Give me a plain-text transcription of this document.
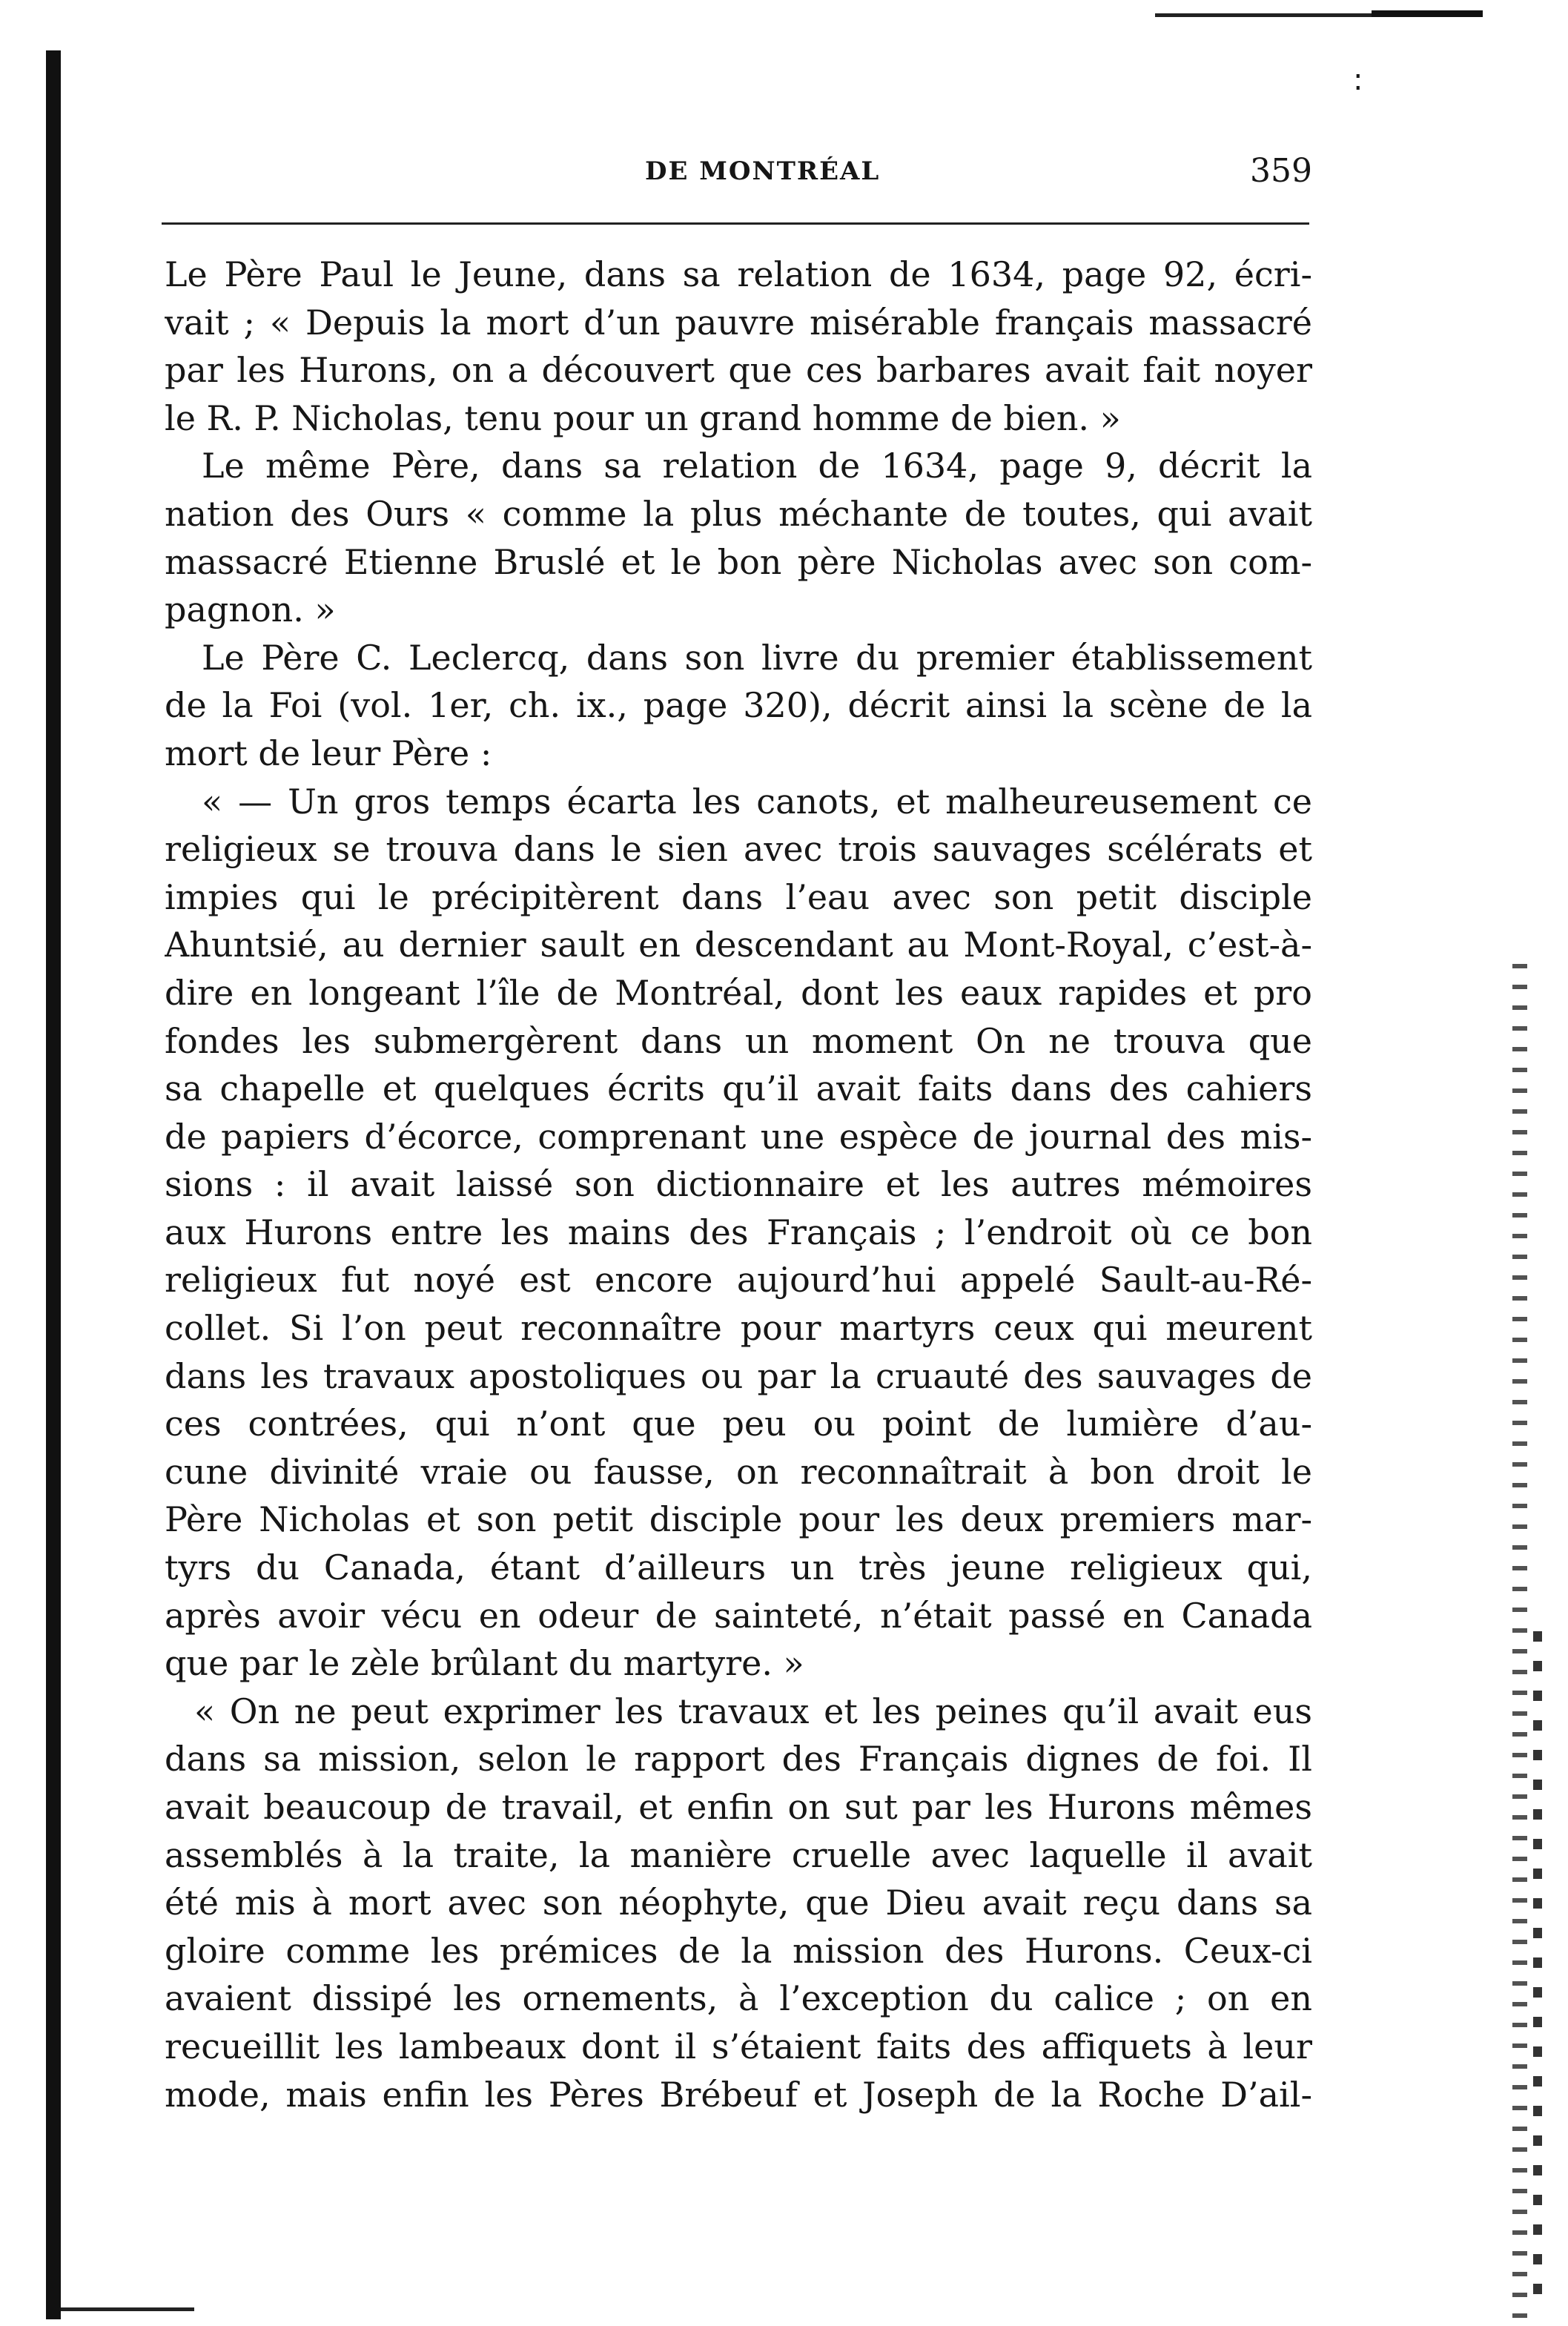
:
DE MONTRÉAL	359
Le Père Paul le Jeune, dans sa relation de 1634, page 92, écri-
vait ; « Depuis la mort d’un pauvre misérable français massacré
par les Hurons, on a découvert que ces barbares avait fait noyer
le R. P. Nicholas, tenu pour un grand homme de bien. »
Le même Père, dans sa relation de 1634, page 9, décrit la
nation des Ours « comme la plus méchante de toutes, qui avait
massacré Etienne Bruslé et le bon père Nicholas avec son com-
pagnon. »
Le Père C. Leclercq, dans son livre du premier établissement
de la Foi (vol. 1er, ch. ix., page 320), décrit ainsi la scène de la
mort de leur Père :
« — Un gros temps écarta les canots, et malheureusement ce
religieux se trouva dans le sien avec trois sauvages scélérats et
impies qui le précipitèrent dans l’eau avec son petit disciple
Ahuntsié, au dernier sault en descendant au Mont-Royal, c’est-à-
dire en longeant l’île de Montréal, dont les eaux rapides et pro
fondes les submergèrent dans un moment On ne trouva que
sa chapelle et quelques écrits qu’il avait faits dans des cahiers
de papiers d’écorce, comprenant une espèce de journal des mis-
sions : il avait laissé son dictionnaire et les autres mémoires
aux Hurons entre les mains des Français ; l’endroit où ce bon
religieux fut noyé est encore aujourd’hui appelé Sault-au-Ré-
collet. Si l’on peut reconnaître pour martyrs ceux qui meurent
dans les travaux apostoliques ou par la cruauté des sauvages de
ces contrées, qui n’ont que peu ou point de lumière d’au-
cune divinité vraie ou fausse, on reconnaîtrait à bon droit le
Père Nicholas et son petit disciple pour les deux premiers mar-
tyrs du Canada, étant d’ailleurs un très jeune religieux qui,
après avoir vécu en odeur de sainteté, n’était passé en Canada
que par le zèle brûlant du martyre. »
« On ne peut exprimer les travaux et les peines qu’il avait eus
dans sa mission, selon le rapport des Français dignes de foi. Il
avait beaucoup de travail, et enfin on sut par les Hurons mêmes
assemblés à la traite, la manière cruelle avec laquelle il avait
été mis à mort avec son néophyte, que Dieu avait reçu dans sa
gloire comme les prémices de la mission des Hurons. Ceux-ci
avaient dissipé les ornements, à l’exception du calice ; on en
recueillit les lambeaux dont il s’étaient faits des affiquets à leur
mode, mais enfin les Pères Brébeuf et Joseph de la Roche D’ail-
